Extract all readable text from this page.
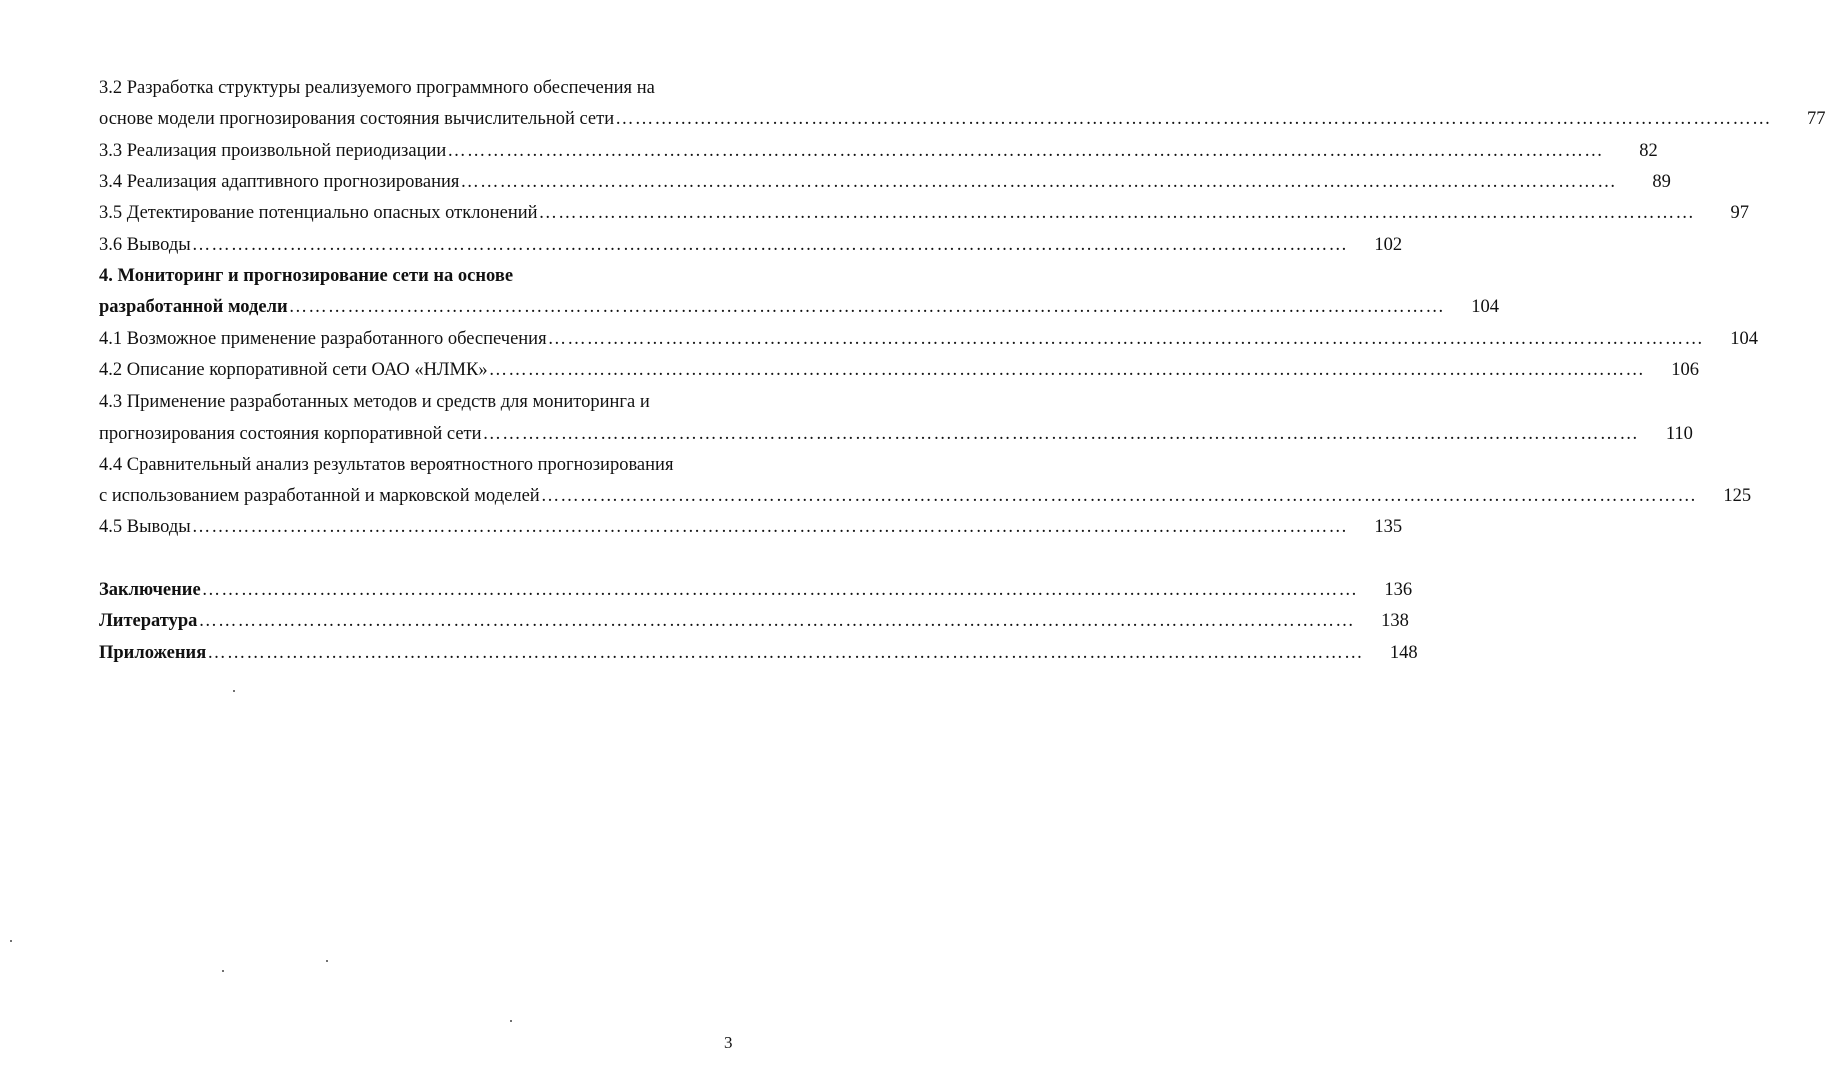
3.2 Разработка структуры реализуемого программного обеспечения на
основе модели прогнозирования состояния вычислительной сети ……………………………………………………………………………………………………………………………………………………………	77
3.3 Реализация произвольной периодизации ……………………………………………………………………………………………………………………………………………………………	82
3.4 Реализация адаптивного прогнозирования ……………………………………………………………………………………………………………………………………………………………	89
3.5 Детектирование потенциально опасных отклонений ……………………………………………………………………………………………………………………………………………………………	97
3.6 Выводы ……………………………………………………………………………………………………………………………………………………………	102
4. Мониторинг и прогнозирование сети на основе
разработанной модели ……………………………………………………………………………………………………………………………………………………………	104
4.1 Возможное применение разработанного обеспечения ……………………………………………………………………………………………………………………………………………………………	104
4.2 Описание корпоративной сети ОАО «НЛМК» ……………………………………………………………………………………………………………………………………………………………	106
4.3 Применение разработанных методов и средств для мониторинга и
прогнозирования состояния корпоративной сети ……………………………………………………………………………………………………………………………………………………………	110
4.4 Сравнительный анализ результатов вероятностного прогнозирования
с использованием разработанной и марковской моделей ……………………………………………………………………………………………………………………………………………………………	125
4.5 Выводы ……………………………………………………………………………………………………………………………………………………………	135
Заключение ……………………………………………………………………………………………………………………………………………………………	136
Литература ……………………………………………………………………………………………………………………………………………………………	138
Приложения ……………………………………………………………………………………………………………………………………………………………	148
3
